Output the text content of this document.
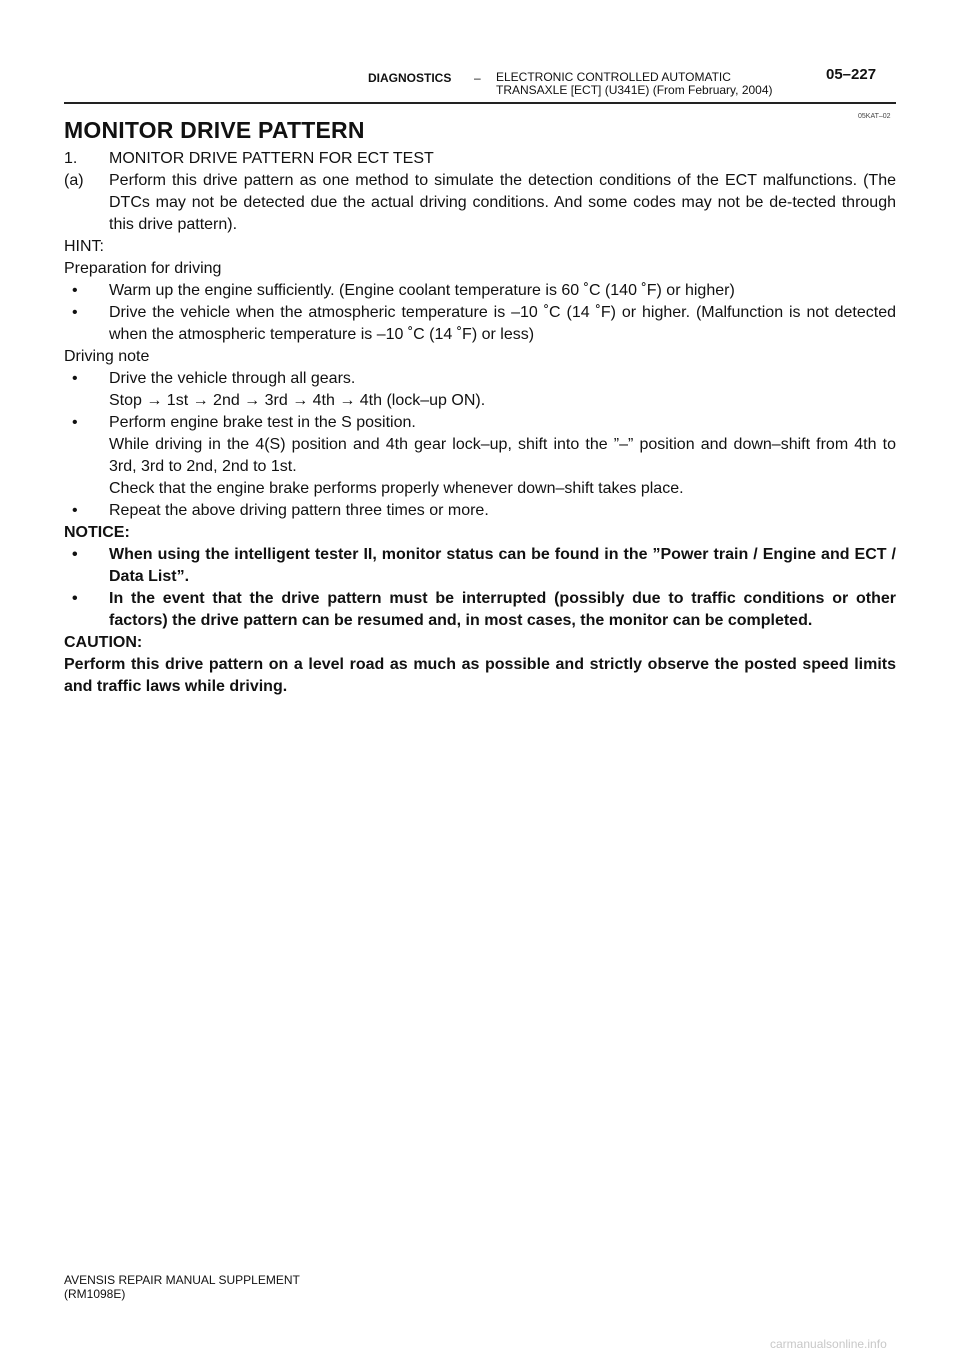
DIAGNOSTICS – ELECTRONIC CONTROLLED AUTOMATIC
TRANSAXLE [ECT] (U341E) (From February, 2004)
05–227
05KAT–02
MONITOR DRIVE PATTERN
1. MONITOR DRIVE PATTERN FOR ECT TEST
(a) Perform this drive pattern as one method to simulate the detection conditions of the ECT malfunctions. (The DTCs may not be detected due the actual driving conditions. And some codes may not be de-tected through this drive pattern).
HINT:
Preparation for driving
• Warm up the engine sufficiently. (Engine coolant temperature is 60 ˚C (140 ˚F) or higher)
• Drive the vehicle when the atmospheric temperature is –10 ˚C (14 ˚F) or higher. (Malfunction is not detected when the atmospheric temperature is –10 ˚C (14 ˚F) or less)
Driving note
• Drive the vehicle through all gears.
Stop → 1st → 2nd → 3rd → 4th → 4th (lock–up ON).
• Perform engine brake test in the S position.
While driving in the 4(S) position and 4th gear lock–up, shift into the ”–” position and down–shift from 4th to 3rd, 3rd to 2nd, 2nd to 1st.
Check that the engine brake performs properly whenever down–shift takes place.
• Repeat the above driving pattern three times or more.
NOTICE:
• When using the intelligent tester II, monitor status can be found in the ”Power train / Engine and ECT / Data List”.
• In the event that the drive pattern must be interrupted (possibly due to traffic conditions or other factors) the drive pattern can be resumed and, in most cases, the monitor can be completed.
CAUTION:
Perform this drive pattern on a level road as much as possible and strictly observe the posted speed limits and traffic laws while driving.
AVENSIS REPAIR MANUAL SUPPLEMENT
(RM1098E)
carmanualsonline.info
